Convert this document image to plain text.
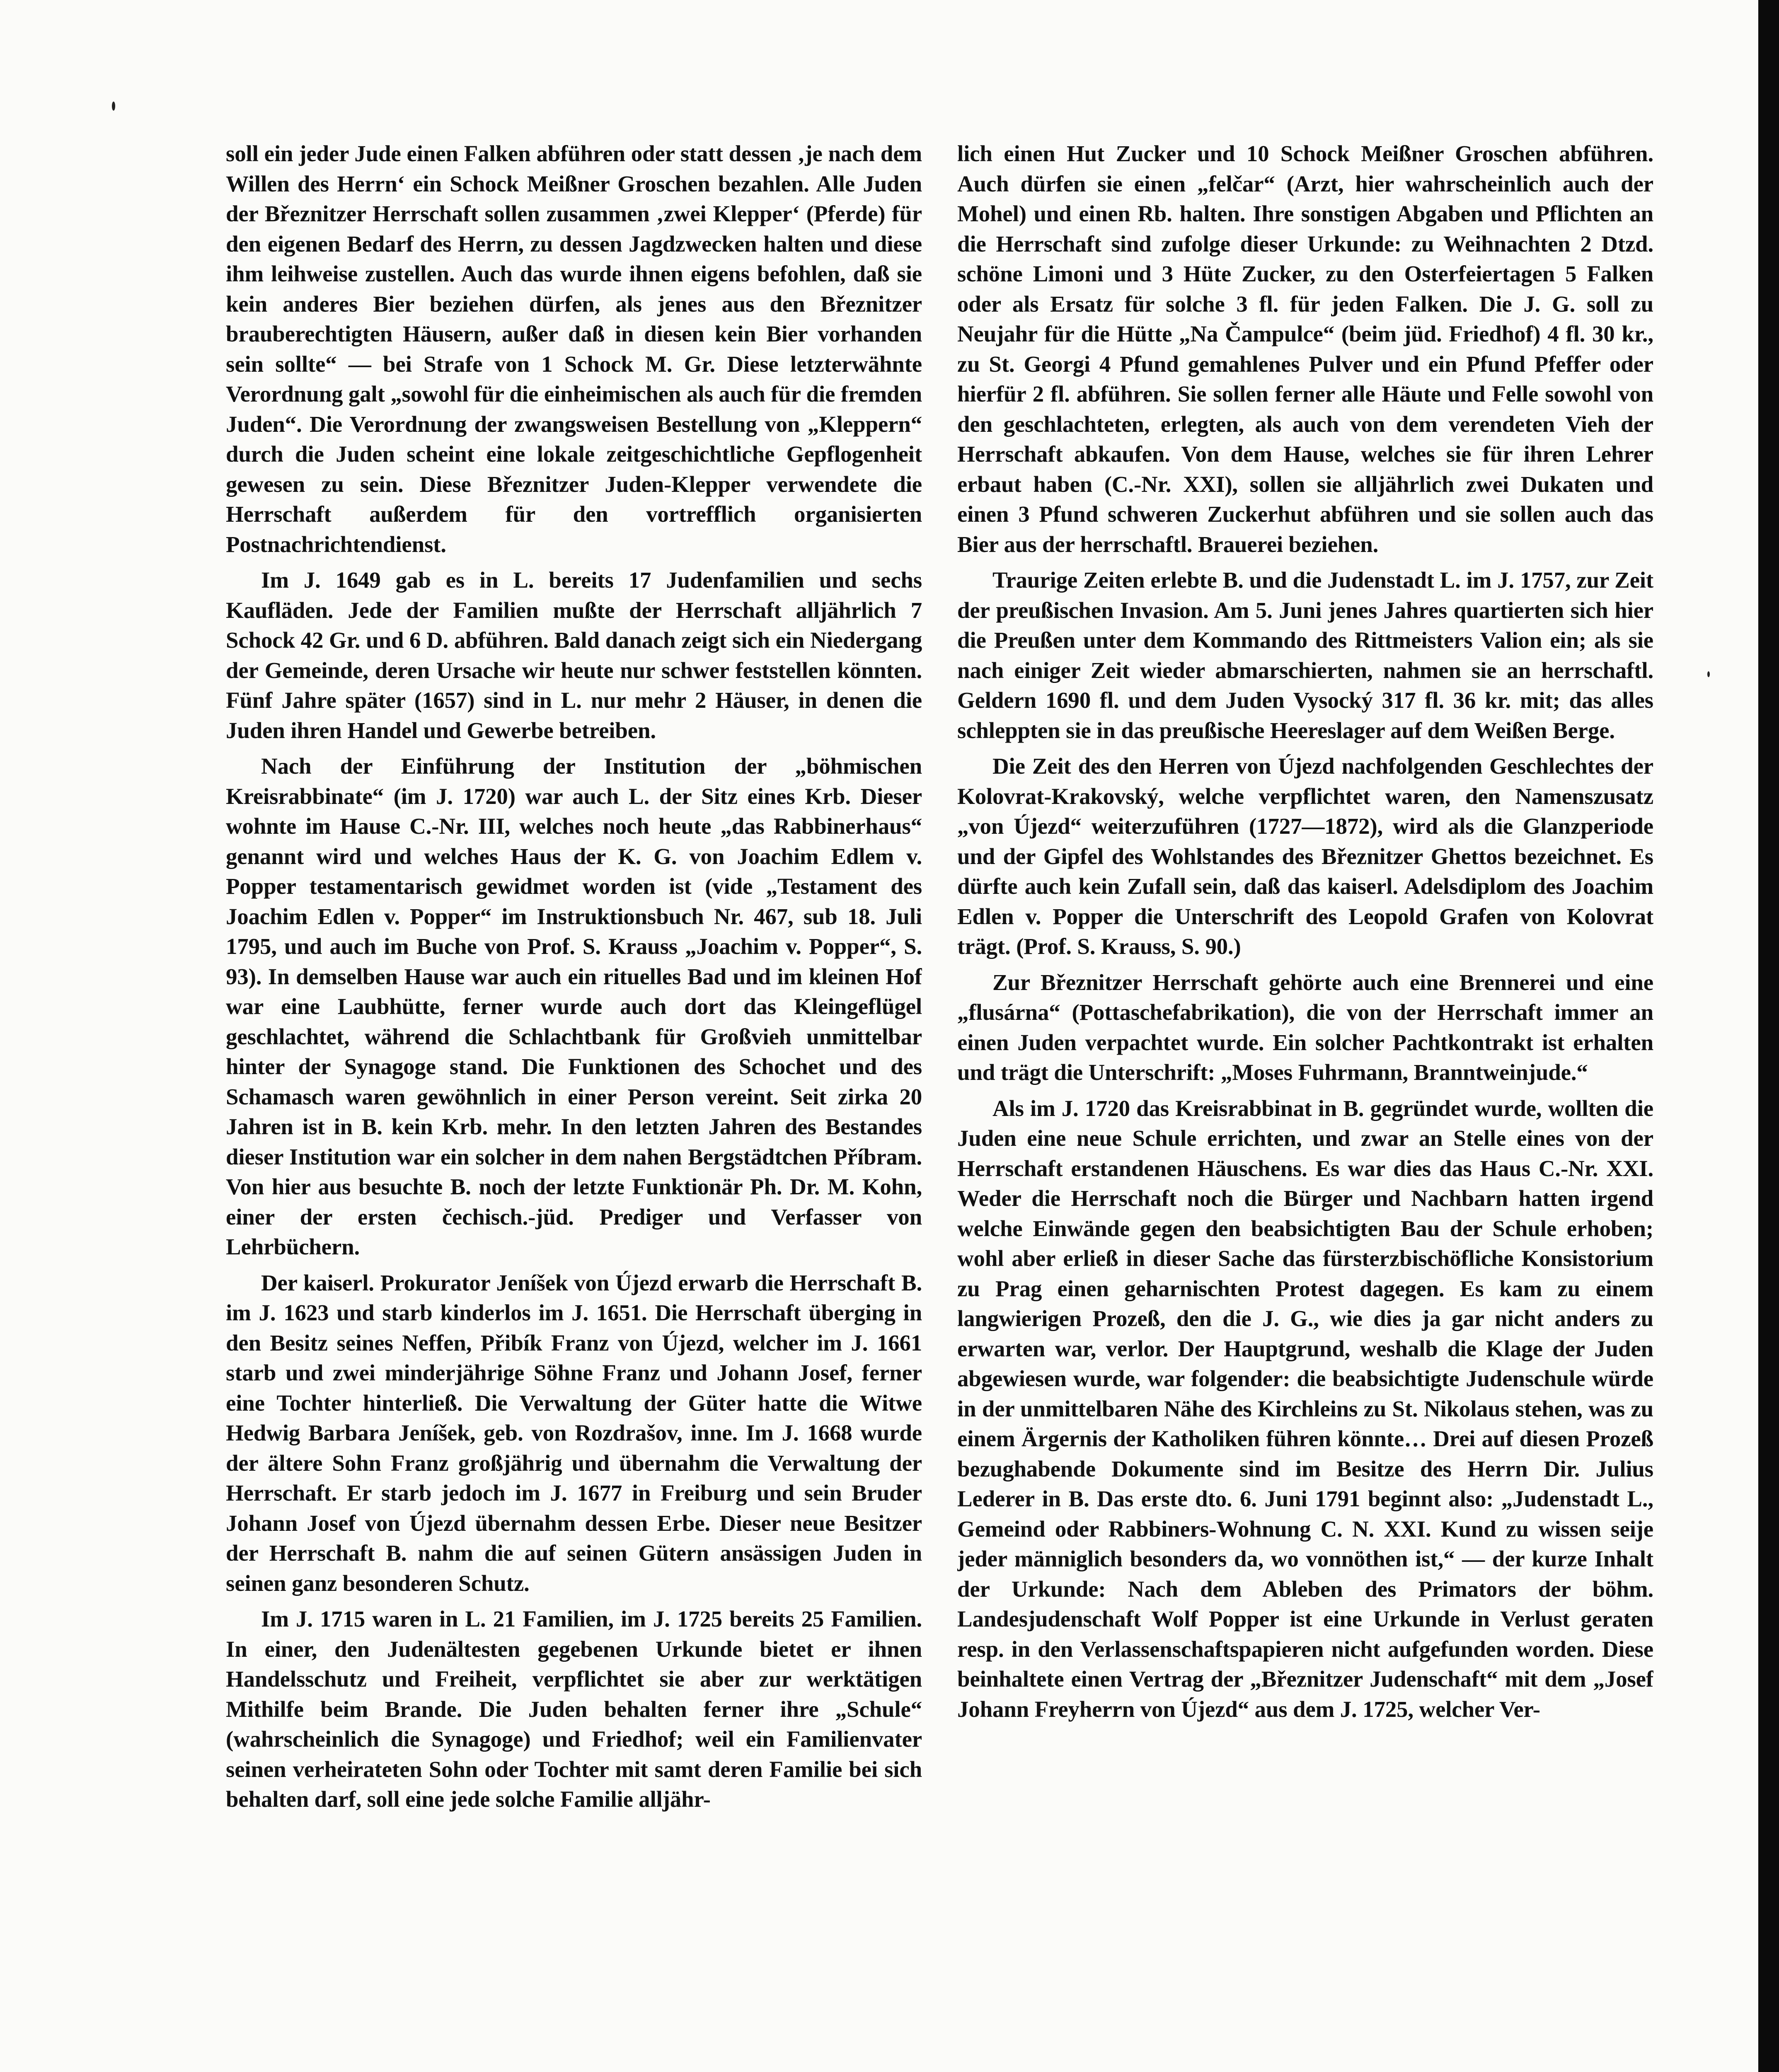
soll ein jeder Jude einen Falken abführen oder statt dessen ‚je nach dem Willen des Herrn‘ ein Schock Meißner Groschen bezahlen. Alle Juden der Březnitzer Herrschaft sollen zusammen ‚zwei Klepper‘ (Pferde) für den eigenen Bedarf des Herrn, zu dessen Jagdzwecken halten und diese ihm leihweise zustellen. Auch das wurde ihnen eigens befohlen, daß sie kein anderes Bier beziehen dürfen, als jenes aus den Březnitzer brauberechtigten Häusern, außer daß in diesen kein Bier vorhanden sein sollte“ — bei Strafe von 1 Schock M. Gr. Diese letzterwähnte Verordnung galt „sowohl für die einheimischen als auch für die fremden Juden“. Die Verordnung der zwangsweisen Bestellung von „Kleppern“ durch die Juden scheint eine lokale zeitgeschichtliche Gepflogenheit gewesen zu sein. Diese Březnitzer Juden-Klepper verwendete die Herrschaft außerdem für den vortrefflich organisierten Postnachrichtendienst.

Im J. 1649 gab es in L. bereits 17 Judenfamilien und sechs Kaufläden. Jede der Familien mußte der Herrschaft alljährlich 7 Schock 42 Gr. und 6 D. abführen. Bald danach zeigt sich ein Niedergang der Gemeinde, deren Ursache wir heute nur schwer feststellen könnten. Fünf Jahre später (1657) sind in L. nur mehr 2 Häuser, in denen die Juden ihren Handel und Gewerbe betreiben.

Nach der Einführung der Institution der „böhmischen Kreisrabbinate“ (im J. 1720) war auch L. der Sitz eines Krb. Dieser wohnte im Hause C.-Nr. III, welches noch heute „das Rabbinerhaus“ genannt wird und welches Haus der K. G. von Joachim Edlem v. Popper testamentarisch gewidmet worden ist (vide „Testament des Joachim Edlen v. Popper“ im Instruktionsbuch Nr. 467, sub 18. Juli 1795, und auch im Buche von Prof. S. Krauss „Joachim v. Popper“, S. 93). In demselben Hause war auch ein rituelles Bad und im kleinen Hof war eine Laubhütte, ferner wurde auch dort das Kleingeflügel geschlachtet, während die Schlachtbank für Großvieh unmittelbar hinter der Synagoge stand. Die Funktionen des Schochet und des Schamasch waren gewöhnlich in einer Person vereint. Seit zirka 20 Jahren ist in B. kein Krb. mehr. In den letzten Jahren des Bestandes dieser Institution war ein solcher in dem nahen Bergstädtchen Příbram. Von hier aus besuchte B. noch der letzte Funktionär Ph. Dr. M. Kohn, einer der ersten čechisch.-jüd. Prediger und Verfasser von Lehrbüchern.

Der kaiserl. Prokurator Jeníšek von Újezd erwarb die Herrschaft B. im J. 1623 und starb kinderlos im J. 1651. Die Herrschaft überging in den Besitz seines Neffen, Přibík Franz von Újezd, welcher im J. 1661 starb und zwei minderjährige Söhne Franz und Johann Josef, ferner eine Tochter hinterließ. Die Verwaltung der Güter hatte die Witwe Hedwig Barbara Jeníšek, geb. von Rozdrašov, inne. Im J. 1668 wurde der ältere Sohn Franz großjährig und übernahm die Verwaltung der Herrschaft. Er starb jedoch im J. 1677 in Freiburg und sein Bruder Johann Josef von Újezd übernahm dessen Erbe. Dieser neue Besitzer der Herrschaft B. nahm die auf seinen Gütern ansässigen Juden in seinen ganz besonderen Schutz.

Im J. 1715 waren in L. 21 Familien, im J. 1725 bereits 25 Familien. In einer, den Judenältesten gegebenen Urkunde bietet er ihnen Handelsschutz und Freiheit, verpflichtet sie aber zur werktätigen Mithilfe beim Brande. Die Juden behalten ferner ihre „Schule“ (wahrscheinlich die Synagoge) und Friedhof; weil ein Familienvater seinen verheirateten Sohn oder Tochter mit samt deren Familie bei sich behalten darf, soll eine jede solche Familie alljähr-

lich einen Hut Zucker und 10 Schock Meißner Groschen abführen. Auch dürfen sie einen „felčar“ (Arzt, hier wahrscheinlich auch der Mohel) und einen Rb. halten. Ihre sonstigen Abgaben und Pflichten an die Herrschaft sind zufolge dieser Urkunde: zu Weihnachten 2 Dtzd. schöne Limoni und 3 Hüte Zucker, zu den Osterfeiertagen 5 Falken oder als Ersatz für solche 3 fl. für jeden Falken. Die J. G. soll zu Neujahr für die Hütte „Na Čampulce“ (beim jüd. Friedhof) 4 fl. 30 kr., zu St. Georgi 4 Pfund gemahlenes Pulver und ein Pfund Pfeffer oder hierfür 2 fl. abführen. Sie sollen ferner alle Häute und Felle sowohl von den geschlachteten, erlegten, als auch von dem verendeten Vieh der Herrschaft abkaufen. Von dem Hause, welches sie für ihren Lehrer erbaut haben (C.-Nr. XXI), sollen sie alljährlich zwei Dukaten und einen 3 Pfund schweren Zuckerhut abführen und sie sollen auch das Bier aus der herrschaftl. Brauerei beziehen.

Traurige Zeiten erlebte B. und die Judenstadt L. im J. 1757, zur Zeit der preußischen Invasion. Am 5. Juni jenes Jahres quartierten sich hier die Preußen unter dem Kommando des Rittmeisters Valion ein; als sie nach einiger Zeit wieder abmarschierten, nahmen sie an herrschaftl. Geldern 1690 fl. und dem Juden Vysocký 317 fl. 36 kr. mit; das alles schleppten sie in das preußische Heereslager auf dem Weißen Berge.

Die Zeit des den Herren von Újezd nachfolgenden Geschlechtes der Kolovrat-Krakovský, welche verpflichtet waren, den Namenszusatz „von Újezd“ weiterzuführen (1727—1872), wird als die Glanzperiode und der Gipfel des Wohlstandes des Březnitzer Ghettos bezeichnet. Es dürfte auch kein Zufall sein, daß das kaiserl. Adelsdiplom des Joachim Edlen v. Popper die Unterschrift des Leopold Grafen von Kolovrat trägt. (Prof. S. Krauss, S. 90.)

Zur Březnitzer Herrschaft gehörte auch eine Brennerei und eine „flusárna“ (Pottaschefabrikation), die von der Herrschaft immer an einen Juden verpachtet wurde. Ein solcher Pachtkontrakt ist erhalten und trägt die Unterschrift: „Moses Fuhrmann, Branntweinjude.“

Als im J. 1720 das Kreisrabbinat in B. gegründet wurde, wollten die Juden eine neue Schule errichten, und zwar an Stelle eines von der Herrschaft erstandenen Häuschens. Es war dies das Haus C.-Nr. XXI. Weder die Herrschaft noch die Bürger und Nachbarn hatten irgend welche Einwände gegen den beabsichtigten Bau der Schule erhoben; wohl aber erließ in dieser Sache das fürsterzbischöfliche Konsistorium zu Prag einen geharnischten Protest dagegen. Es kam zu einem langwierigen Prozeß, den die J. G., wie dies ja gar nicht anders zu erwarten war, verlor. Der Hauptgrund, weshalb die Klage der Juden abgewiesen wurde, war folgender: die beabsichtigte Judenschule würde in der unmittelbaren Nähe des Kirchleins zu St. Nikolaus stehen, was zu einem Ärgernis der Katholiken führen könnte… Drei auf diesen Prozeß bezughabende Dokumente sind im Besitze des Herrn Dir. Julius Lederer in B. Das erste dto. 6. Juni 1791 beginnt also: „Judenstadt L., Gemeind oder Rabbiners-Wohnung C. N. XXI. Kund zu wissen seije jeder männiglich besonders da, wo vonnöthen ist,“ — der kurze Inhalt der Urkunde: Nach dem Ableben des Primators der böhm. Landesjudenschaft Wolf Popper ist eine Urkunde in Verlust geraten resp. in den Verlassenschaftspapieren nicht aufgefunden worden. Diese beinhaltete einen Vertrag der „Březnitzer Judenschaft“ mit dem „Josef Johann Freyherrn von Újezd“ aus dem J. 1725, welcher Ver-
